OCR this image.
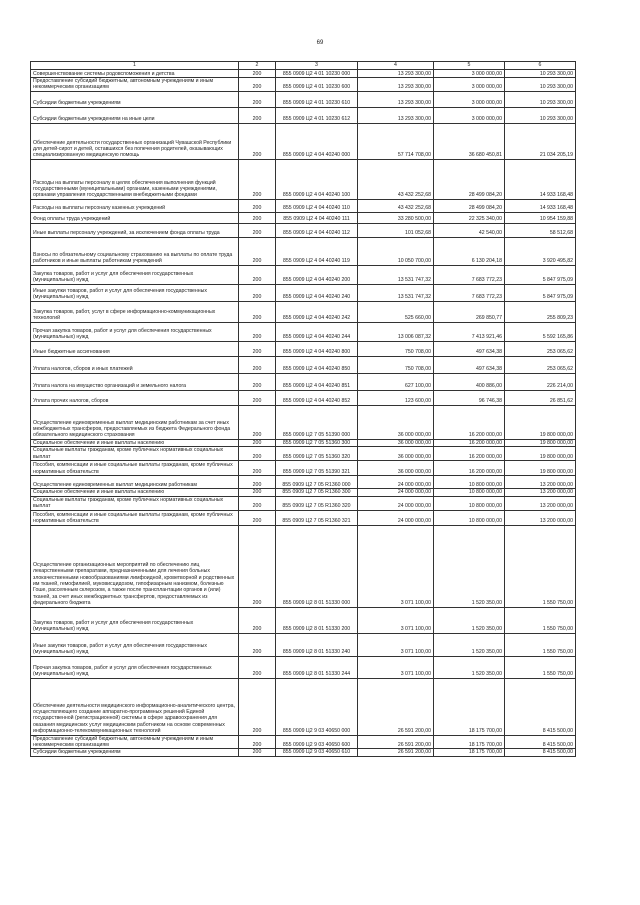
69
1	2	3	4	5	6
Совершенствование системы родовспоможения и детства	200	855 0909 Ц2 4 01 10230 000	13 293 300,00	3 000 000,00	10 293 300,00
Предоставление субсидий бюджетным, автономным учреждениям и иным некоммерческим организациям	200	855 0909 Ц2 4 01 10230 600	13 293 300,00	3 000 000,00	10 293 300,00
Субсидии бюджетным учреждениям	200	855 0909 Ц2 4 01 10230 610	13 293 300,00	3 000 000,00	10 293 300,00
Субсидии бюджетным учреждениям на иные цели	200	855 0909 Ц2 4 01 10230 612	13 293 300,00	3 000 000,00	10 293 300,00
Обеспечение деятельности государственных организаций Чувашской Республики для детей-сирот и детей, оставшихся без попечения родителей, оказывающих специализированную медицинскую помощь	200	855 0909 Ц2 4 04 40240 000	57 714 708,00	36 680 450,81	21 034 205,19
Расходы на выплаты персоналу в целях обеспечения выполнения функций государственными (муниципальными) органами, казенными учреждениями, органами управления государственными внебюджетными фондами	200	855 0909 Ц2 4 04 40240 100	43 432 252,68	28 499 084,20	14 933 168,48
Расходы на выплаты персоналу казенных учреждений	200	855 0909 Ц2 4 04 40240 110	43 432 252,68	28 499 084,20	14 933 168,48
Фонд оплаты труда учреждений	200	855 0909 Ц2 4 04 40240 111	33 280 500,00	22 325 340,00	10 954 159,88
Иные выплаты персоналу учреждений, за исключением фонда оплаты труда	200	855 0909 Ц2 4 04 40240 112	101 052,68	42 540,00	58 512,68
Взносы по обязательному социальному страхованию на выплаты по оплате труда работников и иные выплаты работникам учреждений	200	855 0909 Ц2 4 04 40240 119	10 050 700,00	6 130 204,18	3 920 495,82
Закупка товаров, работ и услуг для обеспечения государственных (муниципальных) нужд	200	855 0909 Ц2 4 04 40240 200	13 531 747,32	7 683 772,23	5 847 975,09
Иные закупки товаров, работ и услуг для обеспечения государственных (муниципальных) нужд	200	855 0909 Ц2 4 04 40240 240	13 531 747,32	7 683 772,23	5 847 975,09
Закупка товаров, работ, услуг в сфере информационно-коммуникационных технологий	200	855 0909 Ц2 4 04 40240 242	525 660,00	269 850,77	255 809,23
Прочая закупка товаров, работ и услуг для обеспечения государственных (муниципальных) нужд	200	855 0909 Ц2 4 04 40240 244	13 006 087,32	7 413 921,46	5 592 165,86
Иные бюджетные ассигнования	200	855 0909 Ц2 4 04 40240 800	750 708,00	497 634,38	253 065,62
Уплата налогов, сборов и иных платежей	200	855 0909 Ц2 4 04 40240 850	750 708,00	497 634,38	253 065,62
Уплата налога на имущество организаций и земельного налога	200	855 0909 Ц2 4 04 40240 851	627 100,00	400 886,00	226 214,00
Уплата прочих налогов, сборов	200	855 0909 Ц2 4 04 40240 852	123 600,00	96 746,38	26 851,62
Осуществление единовременных выплат медицинским работникам за счет иных межбюджетных трансферов, предоставляемых из бюджета Федерального фонда обязательного медицинского страхования	200	855 0909 Ц2 7 05 51390 000	36 000 000,00	16 200 000,00	19 800 000,00
Социальное обеспечение и иные выплаты населению	200	855 0909 Ц2 7 05 51360 300	36 000 000,00	16 200 000,00	19 800 000,00
Социальные выплаты гражданам, кроме публичных нормативных социальных выплат	200	855 0909 Ц2 7 05 51360 320	36 000 000,00	16 200 000,00	19 800 000,00
Пособия, компенсации и иные социальные выплаты гражданам, кроме публичных нормативных обязательств	200	855 0909 Ц2 7 05 51390 321	36 000 000,00	16 200 000,00	19 800 000,00
Осуществление единовременных выплат медицинским работникам	200	855 0909 Ц2 7 05 R1360 000	24 000 000,00	10 800 000,00	13 200 000,00
Социальное обеспечение и иные выплаты населению	200	855 0909 Ц2 7 05 R1360 300	24 000 000,00	10 800 000,00	13 200 000,00
Социальные выплаты гражданам, кроме публичных нормативных социальных выплат	200	855 0909 Ц2 7 05 R1360 320	24 000 000,00	10 800 000,00	13 200 000,00
Пособия, компенсации и иные социальные выплаты гражданам, кроме публичных нормативных обязательств	200	855 0909 Ц2 7 05 R1360 321	24 000 000,00	10 800 000,00	13 200 000,00
Осуществление организационных мероприятий по обеспечению лиц лекарственными препаратами, предназначенными для лечения больных злокачественными новообразованиями лимфоидной, кроветворной и родственных им тканей, гемофилией, муковисцидозом, гипофизарным нанизмом, болезнью Гоше, рассеянным склерозом, а также после трансплантации органов и (или) тканей, за счет иных межбюджетных трансфертов, предоставляемых из федерального бюджета	200	855 0909 Ц2 8 01 51330 000	3 071 100,00	1 520 350,00	1 550 750,00
Закупка товаров, работ и услуг для обеспечения государственных (муниципальных) нужд	200	855 0909 Ц2 8 01 51330 200	3 071 100,00	1 520 350,00	1 550 750,00
Иные закупки товаров, работ и услуг для обеспечения государственных (муниципальных) нужд	200	855 0909 Ц2 8 01 51330 240	3 071 100,00	1 520 350,00	1 550 750,00
Прочая закупка товаров, работ и услуг для обеспечения государственных (муниципальных) нужд	200	855 0909 Ц2 8 01 51330 244	3 071 100,00	1 520 350,00	1 550 750,00
Обеспечение деятельности медицинского информационно-аналитического центра, осуществляющего создание аппаратно-программных решений Единой государственной (регистрационной) системы в сфере здравоохранения для оказания медицинских услуг медицинским работником на основе современных информационно-телекоммуникационных технологий	200	855 0909 Ц2 9 03 40650 000	26 591 200,00	18 175 700,00	8 415 500,00
Предоставление субсидий бюджетным, автономным учреждениям и иным некоммерческим организациям	200	855 0909 Ц2 9 03 40650 600	26 591 200,00	18 175 700,00	8 415 500,00
Субсидии бюджетным учреждениям	200	855 0909 Ц2 9 03 40650 610	26 591 200,00	18 175 700,00	8 415 500,00
